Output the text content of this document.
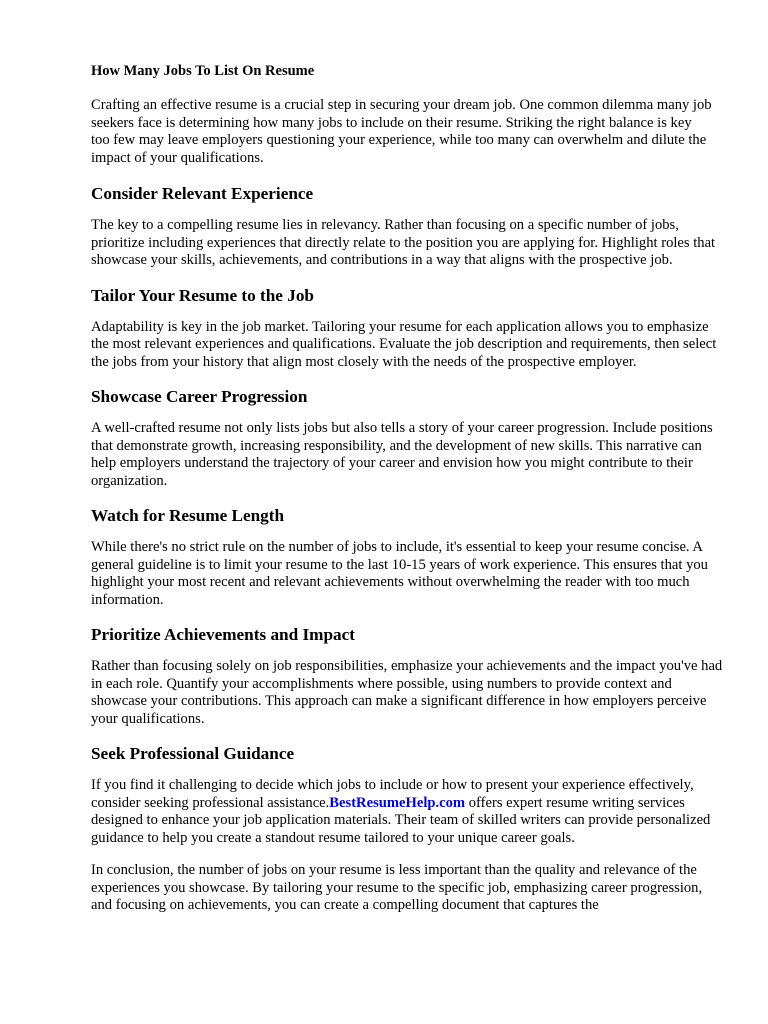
How Many Jobs To List On Resume

Crafting an effective resume is a crucial step in securing your dream job. One common dilemma many job seekers face is determining how many jobs to include on their resume. Striking the right balance is key  too few may leave employers questioning your experience, while too many can overwhelm and dilute the impact of your qualifications.

Consider Relevant Experience

The key to a compelling resume lies in relevancy. Rather than focusing on a specific number of jobs, prioritize including experiences that directly relate to the position you are applying for. Highlight roles that showcase your skills, achievements, and contributions in a way that aligns with the prospective job.

Tailor Your Resume to the Job

Adaptability is key in the job market. Tailoring your resume for each application allows you to emphasize the most relevant experiences and qualifications. Evaluate the job description and requirements, then select the jobs from your history that align most closely with the needs of the prospective employer.

Showcase Career Progression

A well-crafted resume not only lists jobs but also tells a story of your career progression. Include positions that demonstrate growth, increasing responsibility, and the development of new skills. This narrative can help employers understand the trajectory of your career and envision how you might contribute to their organization.

Watch for Resume Length

While there's no strict rule on the number of jobs to include, it's essential to keep your resume concise. A general guideline is to limit your resume to the last 10-15 years of work experience. This ensures that you highlight your most recent and relevant achievements without overwhelming the reader with too much information.

Prioritize Achievements and Impact

Rather than focusing solely on job responsibilities, emphasize your achievements and the impact you've had in each role. Quantify your accomplishments where possible, using numbers to provide context and showcase your contributions. This approach can make a significant difference in how employers perceive your qualifications.

Seek Professional Guidance

If you find it challenging to decide which jobs to include or how to present your experience effectively, consider seeking professional assistance.BestResumeHelp.com offers expert resume writing services designed to enhance your job application materials. Their team of skilled writers can provide personalized guidance to help you create a standout resume tailored to your unique career goals.

In conclusion, the number of jobs on your resume is less important than the quality and relevance of the experiences you showcase. By tailoring your resume to the specific job, emphasizing career progression, and focusing on achievements, you can create a compelling document that captures the
